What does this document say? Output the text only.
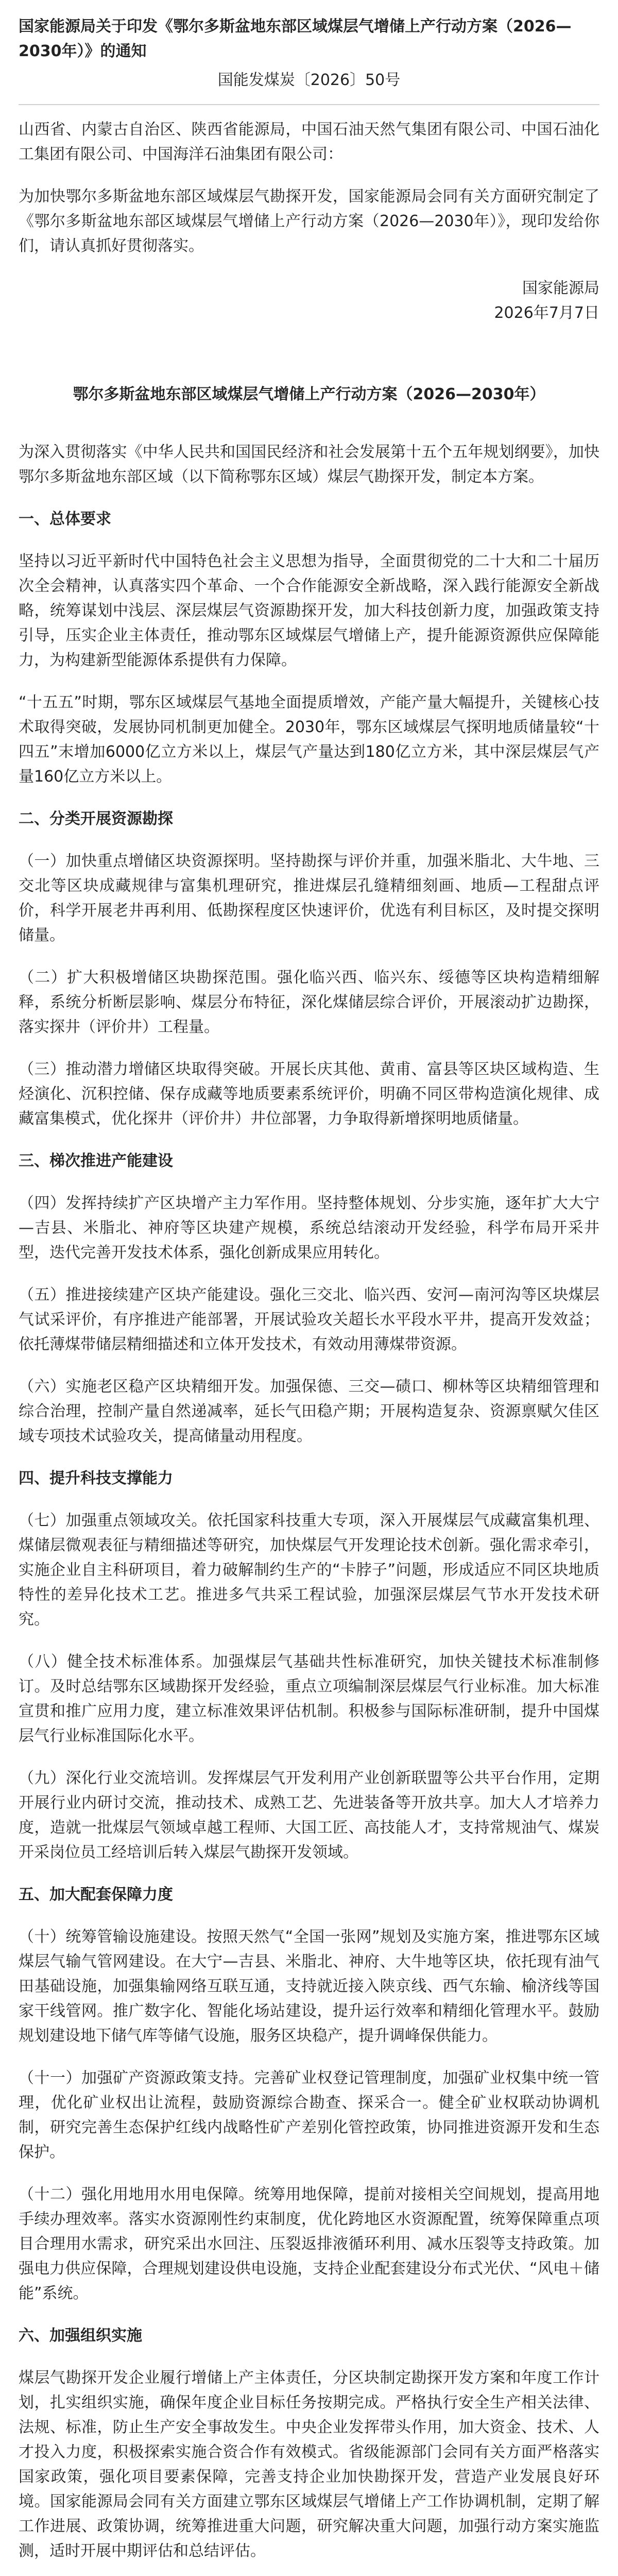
国家能源局关于印发《鄂尔多斯盆地东部区域煤层气增储上产行动方案（2026—2030年）》的通知

国能发煤炭〔2026〕50号

山西省、内蒙古自治区、陕西省能源局，中国石油天然气集团有限公司、中国石油化工集团有限公司、中国海洋石油集团有限公司：

为加快鄂尔多斯盆地东部区域煤层气勘探开发，国家能源局会同有关方面研究制定了《鄂尔多斯盆地东部区域煤层气增储上产行动方案（2026—2030年）》，现印发给你们，请认真抓好贯彻落实。

国家能源局

2026年7月7日

鄂尔多斯盆地东部区域煤层气增储上产行动方案（2026—2030年）

为深入贯彻落实《中华人民共和国国民经济和社会发展第十五个五年规划纲要》，加快鄂尔多斯盆地东部区域（以下简称鄂东区域）煤层气勘探开发，制定本方案。

一、总体要求

坚持以习近平新时代中国特色社会主义思想为指导，全面贯彻党的二十大和二十届历次全会精神，认真落实四个革命、一个合作能源安全新战略，深入践行能源安全新战略，统筹谋划中浅层、深层煤层气资源勘探开发，加大科技创新力度，加强政策支持引导，压实企业主体责任，推动鄂东区域煤层气增储上产，提升能源资源供应保障能力，为构建新型能源体系提供有力保障。

“十五五”时期，鄂东区域煤层气基地全面提质增效，产能产量大幅提升，关键核心技术取得突破，发展协同机制更加健全。2030年，鄂东区域煤层气探明地质储量较“十四五”末增加6000亿立方米以上，煤层气产量达到180亿立方米，其中深层煤层气产量160亿立方米以上。

二、分类开展资源勘探

（一）加快重点增储区块资源探明。坚持勘探与评价并重，加强米脂北、大牛地、三交北等区块成藏规律与富集机理研究，推进煤层孔缝精细刻画、地质—工程甜点评价，科学开展老井再利用、低勘探程度区快速评价，优选有利目标区，及时提交探明储量。

（二）扩大积极增储区块勘探范围。强化临兴西、临兴东、绥德等区块构造精细解释，系统分析断层影响、煤层分布特征，深化煤储层综合评价，开展滚动扩边勘探，落实探井（评价井）工程量。

（三）推动潜力增储区块取得突破。开展长庆其他、黄甫、富县等区块区域构造、生烃演化、沉积控储、保存成藏等地质要素系统评价，明确不同区带构造演化规律、成藏富集模式，优化探井（评价井）井位部署，力争取得新增探明地质储量。

三、梯次推进产能建设

（四）发挥持续扩产区块增产主力军作用。坚持整体规划、分步实施，逐年扩大大宁—吉县、米脂北、神府等区块建产规模，系统总结滚动开发经验，科学布局开采井型，迭代完善开发技术体系，强化创新成果应用转化。

（五）推进接续建产区块产能建设。强化三交北、临兴西、安河—南河沟等区块煤层气试采评价，有序推进产能部署，开展试验攻关超长水平段水平井，提高开发效益；依托薄煤带储层精细描述和立体开发技术，有效动用薄煤带资源。

（六）实施老区稳产区块精细开发。加强保德、三交—碛口、柳林等区块精细管理和综合治理，控制产量自然递减率，延长气田稳产期；开展构造复杂、资源禀赋欠佳区域专项技术试验攻关，提高储量动用程度。

四、提升科技支撑能力

（七）加强重点领域攻关。依托国家科技重大专项，深入开展煤层气成藏富集机理、煤储层微观表征与精细描述等研究，加快煤层气开发理论技术创新。强化需求牵引，实施企业自主科研项目，着力破解制约生产的“卡脖子”问题，形成适应不同区块地质特性的差异化技术工艺。推进多气共采工程试验，加强深层煤层气节水开发技术研究。

（八）健全技术标准体系。加强煤层气基础共性标准研究，加快关键技术标准制修订。及时总结鄂东区域勘探开发经验，重点立项编制深层煤层气行业标准。加大标准宣贯和推广应用力度，建立标准效果评估机制。积极参与国际标准研制，提升中国煤层气行业标准国际化水平。

（九）深化行业交流培训。发挥煤层气开发利用产业创新联盟等公共平台作用，定期开展行业内研讨交流，推动技术、成熟工艺、先进装备等开放共享。加大人才培养力度，造就一批煤层气领域卓越工程师、大国工匠、高技能人才，支持常规油气、煤炭开采岗位员工经培训后转入煤层气勘探开发领域。

五、加大配套保障力度

（十）统筹管输设施建设。按照天然气“全国一张网”规划及实施方案，推进鄂东区域煤层气输气管网建设。在大宁—吉县、米脂北、神府、大牛地等区块，依托现有油气田基础设施，加强集输网络互联互通，支持就近接入陕京线、西气东输、榆济线等国家干线管网。推广数字化、智能化场站建设，提升运行效率和精细化管理水平。鼓励规划建设地下储气库等储气设施，服务区块稳产，提升调峰保供能力。

（十一）加强矿产资源政策支持。完善矿业权登记管理制度，加强矿业权集中统一管理，优化矿业权出让流程，鼓励资源综合勘查、探采合一。健全矿业权联动协调机制，研究完善生态保护红线内战略性矿产差别化管控政策，协同推进资源开发和生态保护。

（十二）强化用地用水用电保障。统筹用地保障，提前对接相关空间规划，提高用地手续办理效率。落实水资源刚性约束制度，优化跨地区水资源配置，统筹保障重点项目合理用水需求，研究采出水回注、压裂返排液循环利用、减水压裂等支持政策。加强电力供应保障，合理规划建设供电设施，支持企业配套建设分布式光伏、“风电＋储能”系统。

六、加强组织实施

煤层气勘探开发企业履行增储上产主体责任，分区块制定勘探开发方案和年度工作计划，扎实组织实施，确保年度企业目标任务按期完成。严格执行安全生产相关法律、法规、标准，防止生产安全事故发生。中央企业发挥带头作用，加大资金、技术、人才投入力度，积极探索实施合资合作有效模式。省级能源部门会同有关方面严格落实国家政策，强化项目要素保障，完善支持企业加快勘探开发，营造产业发展良好环境。国家能源局会同有关方面建立鄂东区域煤层气增储上产工作协调机制，定期了解工作进展、政策协调，统筹推进重大问题，研究解决重大问题，加强行动方案实施监测，适时开展中期评估和总结评估。
